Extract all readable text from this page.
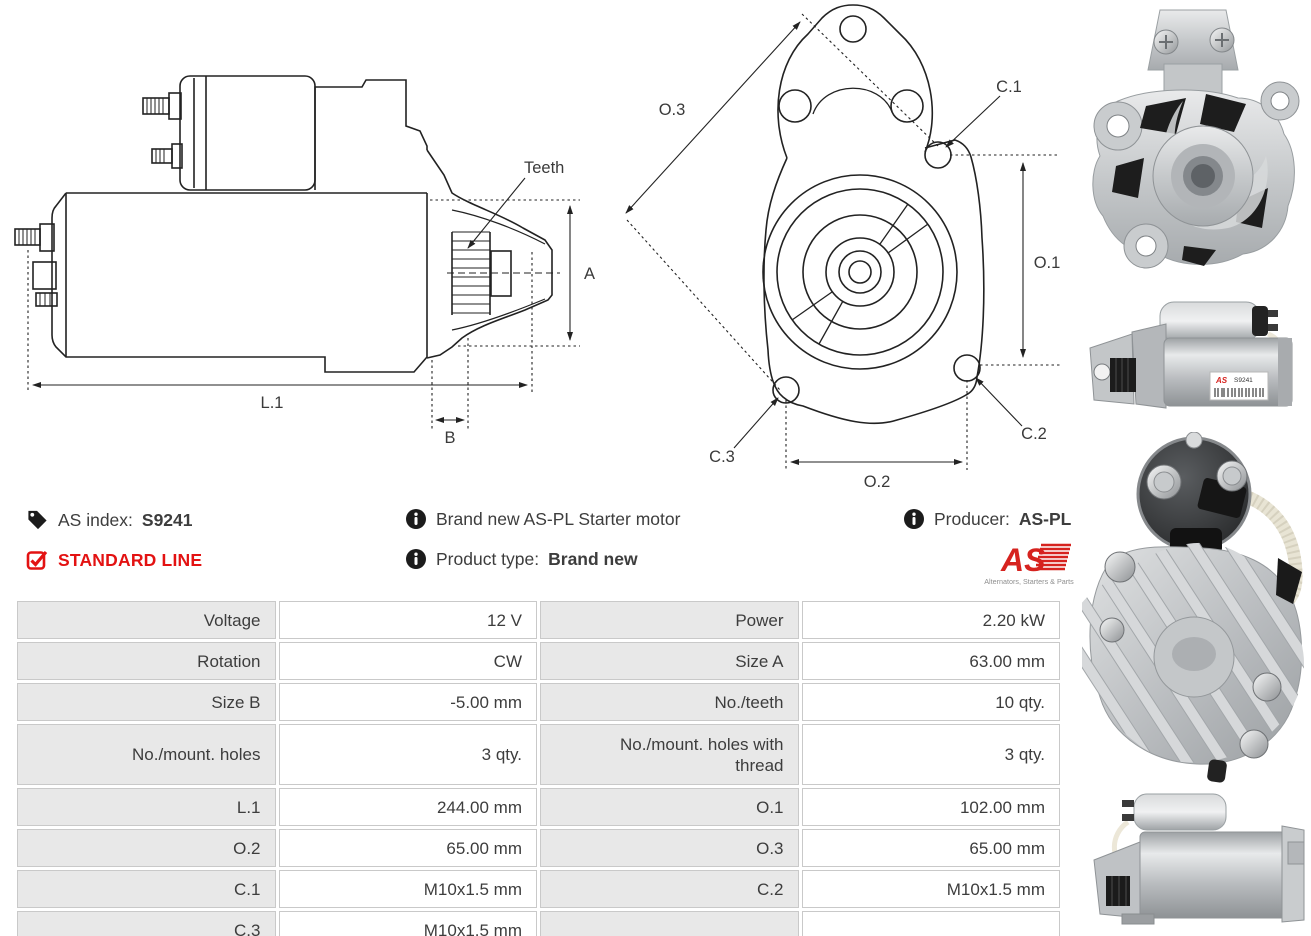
Teeth
A
L.1
B
O.3
C.1
O.1
C.2
C.3
O.2
AS S9241
AS index: S9241
STANDARD LINE
Brand new AS-PL Starter motor
Product type: Brand new
Producer: AS-PL
AS
Alternators, Starters & Parts
Voltage	12 V	Power	2.20 kW
Rotation	CW	Size A	63.00 mm
Size B	-5.00 mm	No./teeth	10 qty.
No./mount. holes	3 qty.	No./mount. holes with thread	3 qty.
L.1	244.00 mm	O.1	102.00 mm
O.2	65.00 mm	O.3	65.00 mm
C.1	M10x1.5 mm	C.2	M10x1.5 mm
C.3	M10x1.5 mm		
